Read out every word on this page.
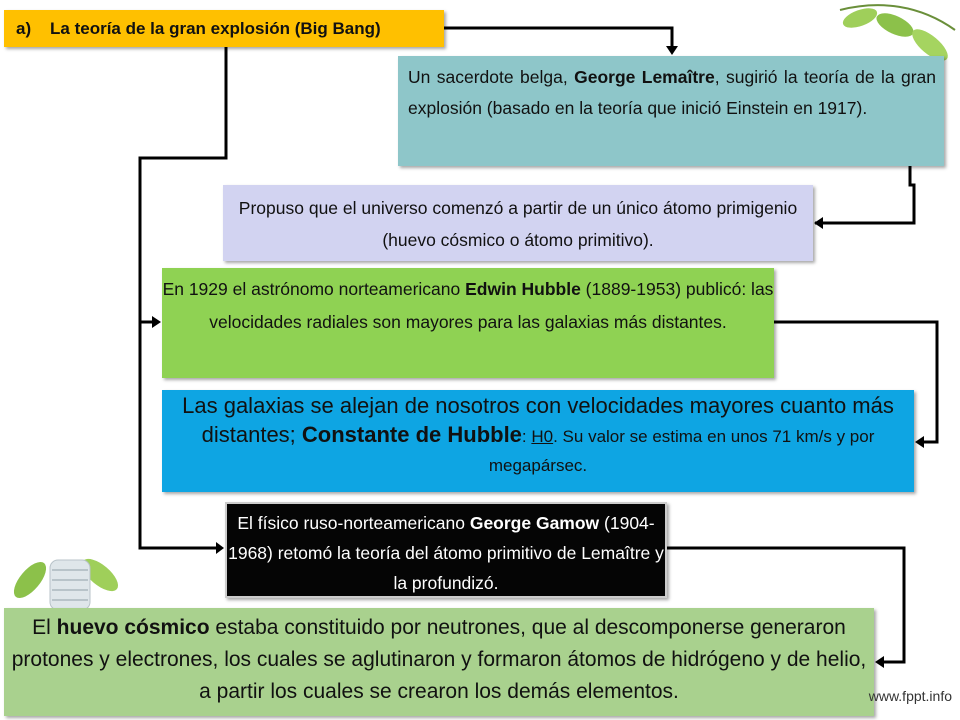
a) La teoría de la gran explosión (Big Bang)
Un sacerdote belga, George Lemaître, sugirió la teoría de la gran explosión (basado en la teoría que inició Einstein en 1917).
Propuso que el universo comenzó a partir de un único átomo primigenio (huevo cósmico o átomo primitivo).
En 1929 el astrónomo norteamericano Edwin Hubble (1889-1953) publicó: las velocidades radiales son mayores para las galaxias más distantes.
Las galaxias se alejan de nosotros con velocidades mayores cuanto más distantes; Constante de Hubble: H0. Su valor se estima en unos 71 km/s y por megapársec.
El físico ruso-norteamericano George Gamow (1904-1968) retomó la teoría del átomo primitivo de Lemaître y la profundizó.
El huevo cósmico estaba constituido por neutrones, que al descomponerse generaron protones y electrones, los cuales se aglutinaron y formaron átomos de hidrógeno y de helio, a partir los cuales se crearon los demás elementos.	www.fppt.info
